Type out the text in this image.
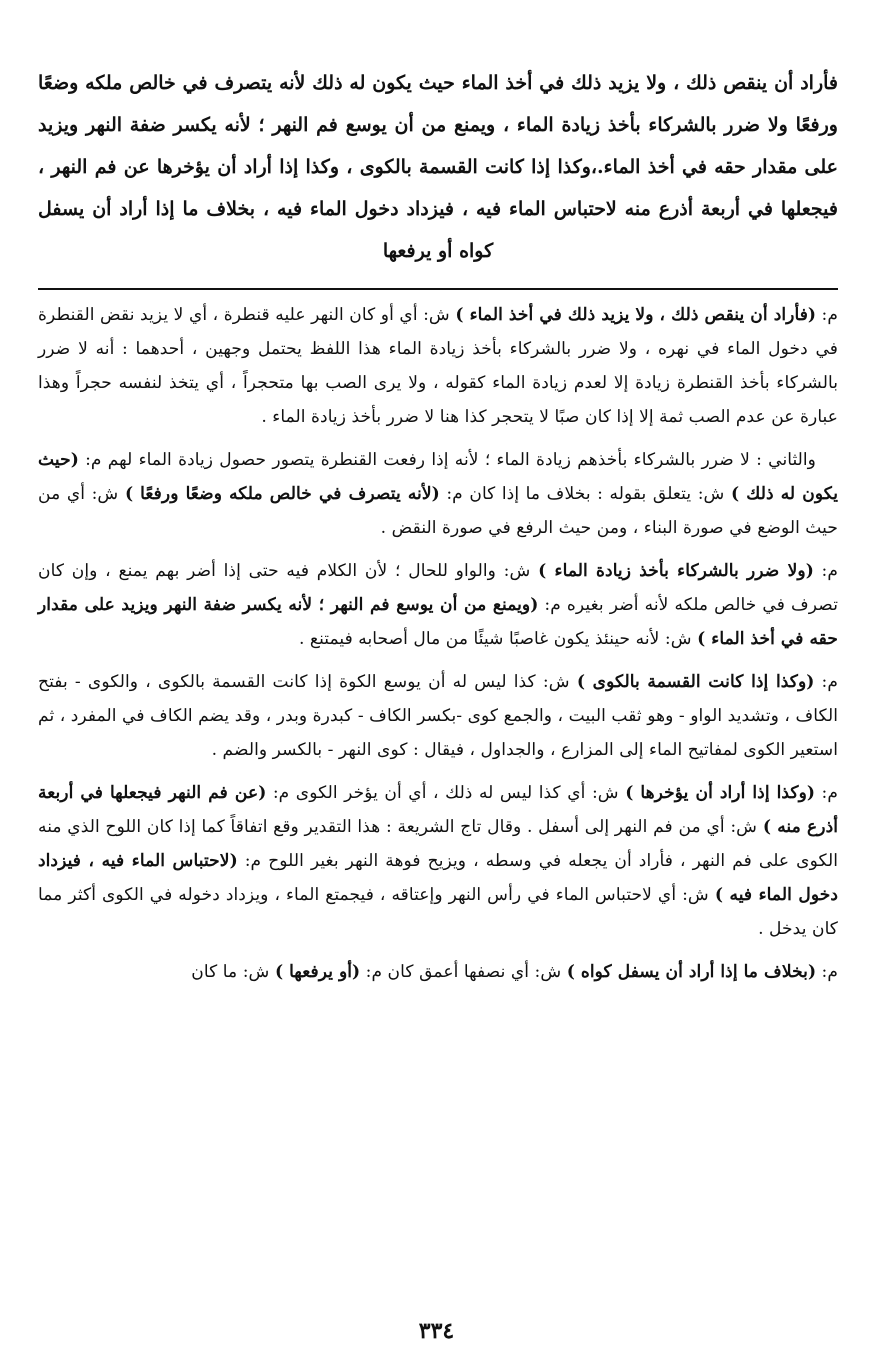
فأراد أن ينقص ذلك ، ولا يزيد ذلك في أخذ الماء حيث يكون له ذلك لأنه يتصرف في خالص ملكه وضعًا ورفعًا ولا ضرر بالشركاء بأخذ زيادة الماء ، ويمنع من أن يوسع فم النهر ؛ لأنه يكسر ضفة النهر ويزيد على مقدار حقه في أخذ الماء.،وكذا إذا كانت القسمة بالكوى ، وكذا إذا أراد أن يؤخرها عن فم النهر ، فيجعلها في أربعة أذرع منه لاحتباس الماء فيه ، فيزداد دخول الماء فيه ، بخلاف ما إذا أراد أن يسفل كواه أو يرفعها

م: (فأراد أن ينقص ذلك ، ولا يزيد ذلك في أخذ الماء ) ش: أي أو كان النهر عليه قنطرة ، أي لا يزيد نقض القنطرة في دخول الماء في نهره ، ولا ضرر بالشركاء بأخذ زيادة الماء هذا اللفظ يحتمل وجهين ، أحدهما : أنه لا ضرر بالشركاء بأخذ القنطرة زيادة إلا لعدم زيادة الماء كقوله ، ولا يرى الصب بها متحجراً ، أي يتخذ لنفسه حجراً وهذا عبارة عن عدم الصب ثمة إلا إذا كان صبًا لا يتحجر كذا هنا لا ضرر بأخذ زيادة الماء .

والثاني : لا ضرر بالشركاء بأخذهم زيادة الماء ؛ لأنه إذا رفعت القنطرة يتصور حصول زيادة الماء لهم م: (حيث يكون له ذلك ) ش: يتعلق بقوله : بخلاف ما إذا كان م: (لأنه يتصرف في خالص ملكه وضعًا ورفعًا ) ش: أي من حيث الوضع في صورة البناء ، ومن حيث الرفع في صورة النقض .

م: (ولا ضرر بالشركاء بأخذ زيادة الماء ) ش: والواو للحال ؛ لأن الكلام فيه حتى إذا أضر بهم يمنع ، وإن كان تصرف في خالص ملكه لأنه أضر بغيره م: (ويمنع من أن يوسع فم النهر ؛ لأنه يكسر ضفة النهر ويزيد على مقدار حقه في أخذ الماء ) ش: لأنه حينئذ يكون غاصبًا شيئًا من مال أصحابه فيمتنع .

م: (وكذا إذا كانت القسمة بالكوى ) ش: كذا ليس له أن يوسع الكوة إذا كانت القسمة بالكوى ، والكوى - بفتح الكاف ، وتشديد الواو - وهو ثقب البيت ، والجمع كوى -بكسر الكاف - كبدرة وبدر ، وقد يضم الكاف في المفرد ، ثم استعير الكوى لمفاتيح الماء إلى المزارع ، والجداول ، فيقال : كوى النهر - بالكسر والضم .

م: (وكذا إذا أراد أن يؤخرها ) ش: أي كذا ليس له ذلك ، أي أن يؤخر الكوى م: (عن فم النهر فيجعلها في أربعة أذرع منه ) ش: أي من فم النهر إلى أسفل . وقال تاج الشريعة : هذا التقدير وقع اتفاقاً كما إذا كان اللوح الذي منه الكوى على فم النهر ، فأراد أن يجعله في وسطه ، ويزيح فوهة النهر بغير اللوح م: (لاحتباس الماء فيه ، فيزداد دخول الماء فيه ) ش: أي لاحتباس الماء في رأس النهر وإعتاقه ، فيجمتع الماء ، ويزداد دخوله في الكوى أكثر مما كان يدخل .

م: (بخلاف ما إذا أراد أن يسفل كواه ) ش: أي نصفها أعمق كان م: (أو يرفعها ) ش: ما كان

٣٣٤
